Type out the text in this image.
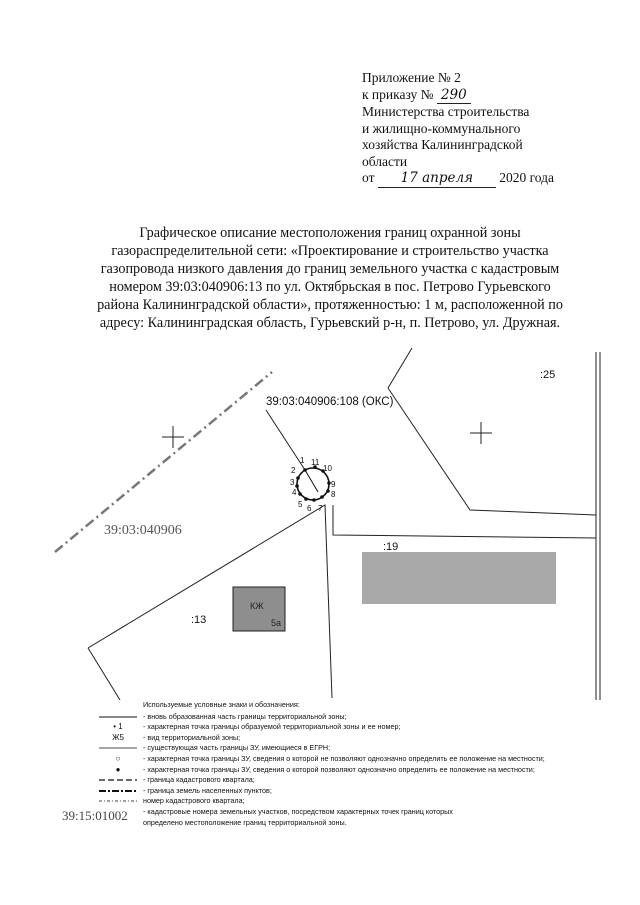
Приложение № 2
к приказу № 290
Министерства строительства
и жилищно-коммунального
хозяйства Калининградской
области
от 17 апреля 2020 года
Графическое описание местоположения границ охранной зоны
газораспределительной сети: «Проектирование и строительство участка
газопровода низкого давления до границ земельного участка с кадастровым
номером 39:03:040906:13 по ул. Октябрьская в пос. Петрово Гурьевского
района Калининградской области», протяженностью: 1 м, расположенной по
адресу: Калининградская область, Гурьевский р-н, п. Петрово, ул. Дружная.
39:03:040906:108 (ОКС)
39:03:040906
:25
:19
:13
КЖ
5а
1
2
3
4
5 6 7
8
9
10
11
Используемые условные знаки и обозначения:
- вновь образованная часть границы территориальной зоны;
• 1	- характерная точка границы образуемой территориальной зоны и ее номер;
Ж5	- вид территориальной зоны;
- существующая часть границы ЗУ, имеющиеся в ЕГРН;
○	- характерная точка границы ЗУ, сведения о которой не позволяют однозначно определить ее положение на местности;
●	- характерная точка границы ЗУ, сведения о которой позволяют однозначно определить ее положение на местности;
- граница кадастрового квартала;
- граница земель населенных пунктов;
номер кадастрового квартала;
- кадастровые номера земельных участков, посредством характерных точек границ которых
определено местоположение границ территориальной зоны.
39:15:01002
